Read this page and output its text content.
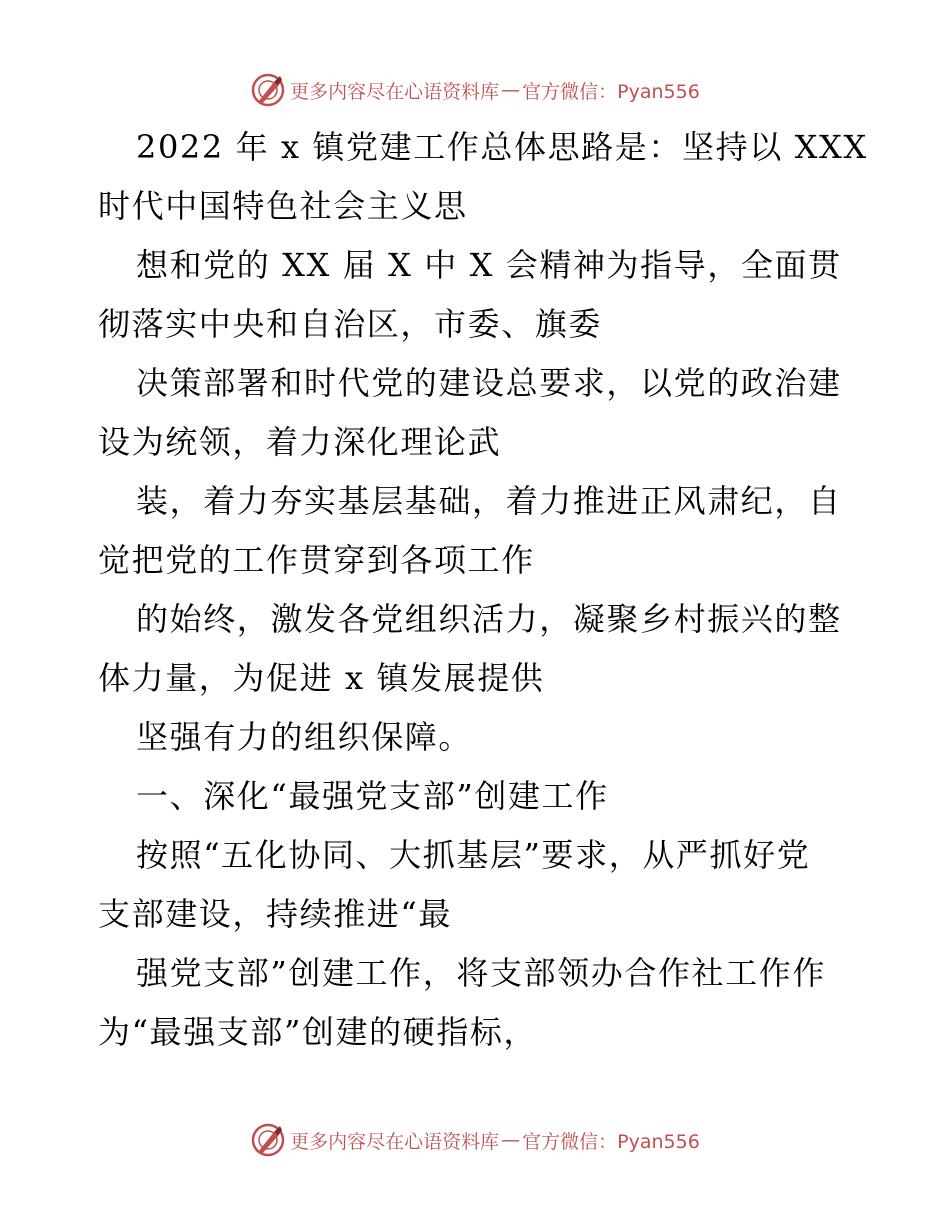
更多内容尽在心语资料库 — 官方微信：Pyan556
2022 年 x 镇党建工作总体思路是：坚持以 XXX
时代中国特色社会主义思
想和党的 XX 届 X 中 X 会精神为指导，全面贯
彻落实中央和自治区，市委、旗委
决策部署和时代党的建设总要求，以党的政治建
设为统领，着力深化理论武
装，着力夯实基层基础，着力推进正风肃纪，自
觉把党的工作贯穿到各项工作
的始终，激发各党组织活力，凝聚乡村振兴的整
体力量，为促进 x 镇发展提供
坚强有力的组织保障。
一、深化“最强党支部”创建工作
按照“五化协同、大抓基层”要求，从严抓好党
支部建设，持续推进“最
强党支部”创建工作，将支部领办合作社工作作
为“最强支部”创建的硬指标，
更多内容尽在心语资料库 — 官方微信：Pyan556
